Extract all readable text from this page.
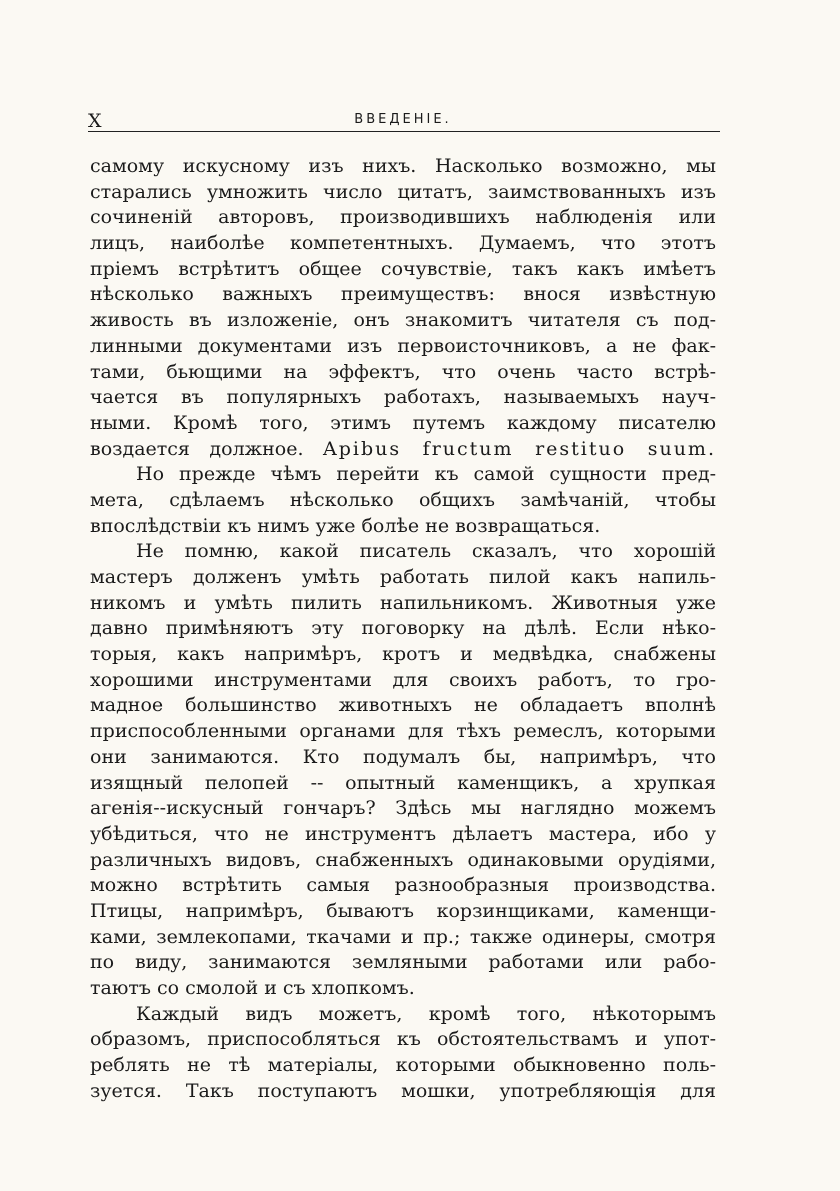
X	ВВЕДЕНІЕ.
самому искусному изъ нихъ. Насколько возможно, мы
старались умножить число цитатъ, заимствованныхъ изъ
сочиненій авторовъ, производившихъ наблюденія или
лицъ, наиболѣе компетентныхъ. Думаемъ, что этотъ
пріемъ встрѣтитъ общее сочувствіе, такъ какъ имѣетъ
нѣсколько важныхъ преимуществъ: внося извѣстную
живость въ изложеніе, онъ знакомитъ читателя съ под-
линными документами изъ первоисточниковъ, а не фак-
тами, бьющими на эффектъ, что очень часто встрѣ-
чается въ популярныхъ работахъ, называемыхъ науч-
ными. Кромѣ того, этимъ путемъ каждому писателю
воздается должное. Apibus fructum restituo suum.
Но прежде чѣмъ перейти къ самой сущности пред-
мета, сдѣлаемъ нѣсколько общихъ замѣчаній, чтобы
впослѣдствіи къ нимъ уже болѣе не возвращаться.
Не помню, какой писатель сказалъ, что хорошій
мастеръ долженъ умѣть работать пилой какъ напиль-
никомъ и умѣть пилить напильникомъ. Животныя уже
давно примѣняютъ эту поговорку на дѣлѣ. Если нѣко-
торыя, какъ напримѣръ, кротъ и медвѣдка, снабжены
хорошими инструментами для своихъ работъ, то гро-
мадное большинство животныхъ не обладаетъ вполнѣ
приспособленными органами для тѣхъ ремеслъ, которыми
они занимаются. Кто подумалъ бы, напримѣръ, что
изящный пелопей -- опытный каменщикъ, а хрупкая
агенія--искусный гончаръ? Здѣсь мы наглядно можемъ
убѣдиться, что не инструментъ дѣлаетъ мастера, ибо у
различныхъ видовъ, снабженныхъ одинаковыми орудіями,
можно встрѣтить самыя разнообразныя производства.
Птицы, напримѣръ, бываютъ корзинщиками, каменщи-
ками, землекопами, ткачами и пр.; также одинеры, смотря
по виду, занимаются земляными работами или рабо-
таютъ со смолой и съ хлопкомъ.
Каждый видъ можетъ, кромѣ того, нѣкоторымъ
образомъ, приспособляться къ обстоятельствамъ и упот-
реблять не тѣ матеріалы, которыми обыкновенно поль-
зуется. Такъ поступаютъ мошки, употребляющія для
